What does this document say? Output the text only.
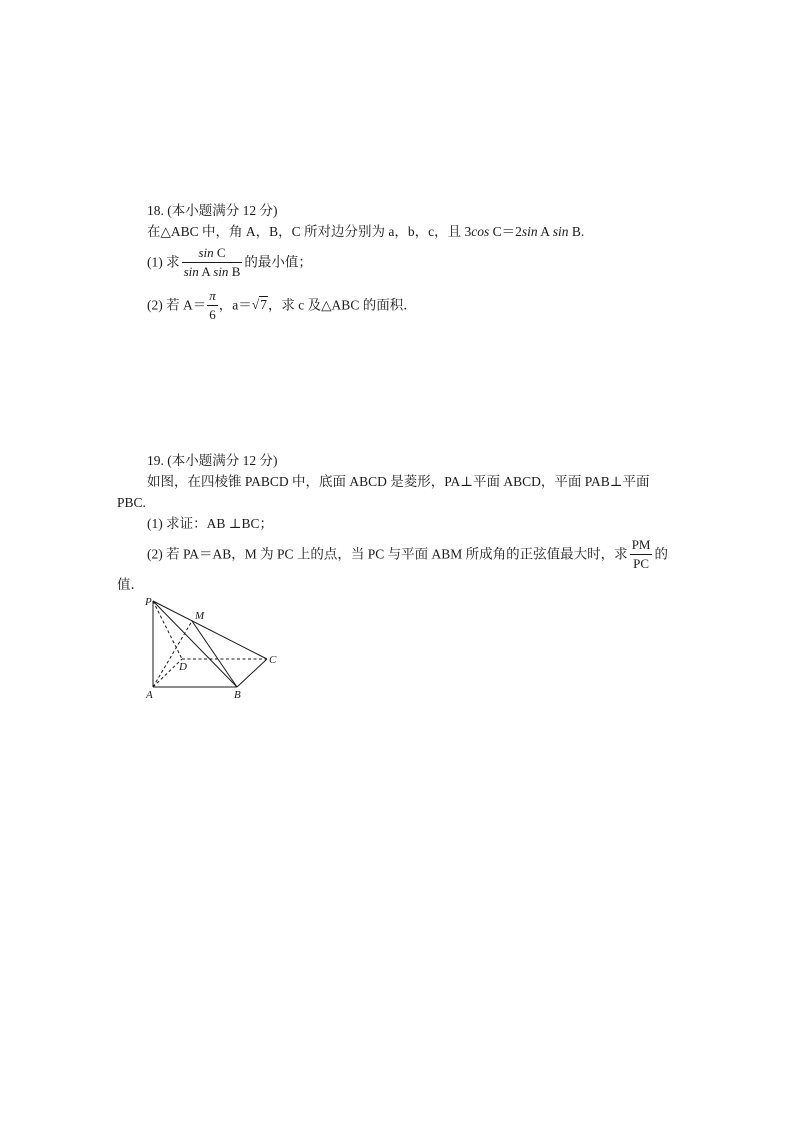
18. (本小题满分 12 分)
在△ABC 中，角 A，B，C 所对边分别为 a，b，c，且 3cos C＝2sin A sin B.
(1) 求 $\frac{\text{sin C}}{\text{sin A sin B}}$ 的最小值；
(2) 若 $A= \frac{\pi}{6}$ ，a＝√7，求 c 及△ABC 的面积．
19. (本小题满分 12 分)
如图，在四棱锥 PABCD 中，底面 ABCD 是菱形，PA⊥平面 ABCD，平面 PAB⊥平面
PBC.
(1) 求证：AB ⊥BC；
(2) 若 PA＝AB，M 为 PC 上的点，当 PC 与平面 ABM 所成角的正弦值最大时，求 $\frac{PM}{PC}$ 的
值．
P
M
C
D
A	B
